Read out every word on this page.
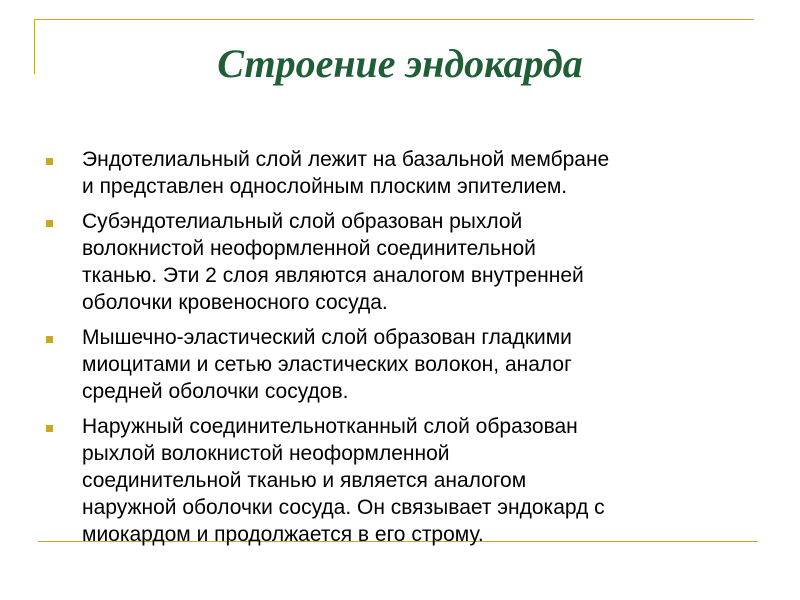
Строение эндокарда
Эндотелиальный слой лежит на базальной мембране
и представлен однослойным плоским эпителием.
Субэндотелиальный слой образован рыхлой
волокнистой неоформленной соединительной
тканью. Эти 2 слоя являются аналогом внутренней
оболочки кровеносного сосуда.
Мышечно-эластический слой образован гладкими
миоцитами и сетью эластических волокон, аналог
средней оболочки сосудов.
Наружный соединительнотканный слой образован
рыхлой волокнистой неоформленной
соединительной тканью и является аналогом
наружной оболочки сосуда. Он связывает эндокард с
миокардом и продолжается в его строму.
